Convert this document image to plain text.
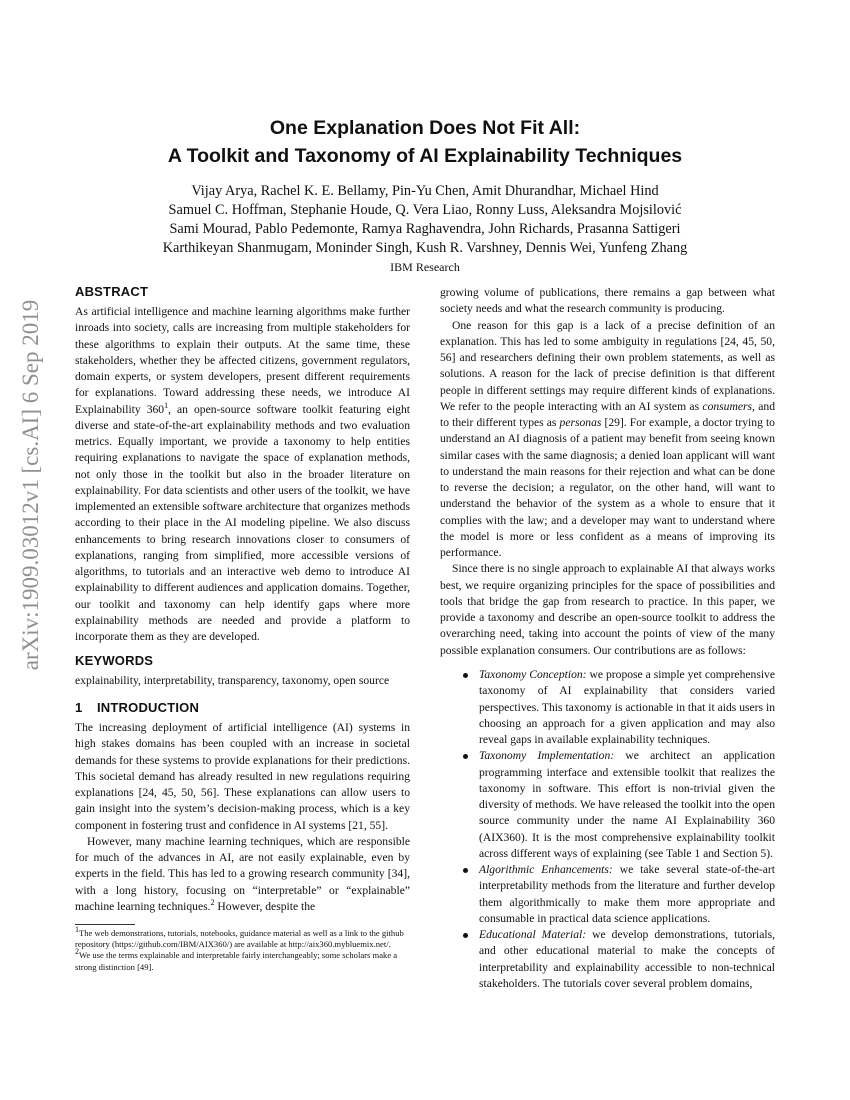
arXiv:1909.03012v1 [cs.AI] 6 Sep 2019
One Explanation Does Not Fit All:
A Toolkit and Taxonomy of AI Explainability Techniques
Vijay Arya, Rachel K. E. Bellamy, Pin-Yu Chen, Amit Dhurandhar, Michael Hind
Samuel C. Hoffman, Stephanie Houde, Q. Vera Liao, Ronny Luss, Aleksandra Mojsilović
Sami Mourad, Pablo Pedemonte, Ramya Raghavendra, John Richards, Prasanna Sattigeri
Karthikeyan Shanmugam, Moninder Singh, Kush R. Varshney, Dennis Wei, Yunfeng Zhang
IBM Research
ABSTRACT

As artificial intelligence and machine learning algorithms make further inroads into society, calls are increasing from multiple stakeholders for these algorithms to explain their outputs. At the same time, these stakeholders, whether they be affected citizens, government regulators, domain experts, or system developers, present different requirements for explanations. Toward addressing these needs, we introduce AI Explainability $360^1$, an open-source software toolkit featuring eight diverse and state-of-the-art explainability methods and two evaluation metrics. Equally important, we provide a taxonomy to help entities requiring explanations to navigate the space of explanation methods, not only those in the toolkit but also in the broader literature on explainability. For data scientists and other users of the toolkit, we have implemented an extensible software architecture that organizes methods according to their place in the AI modeling pipeline. We also discuss enhancements to bring research innovations closer to consumers of explanations, ranging from simplified, more accessible versions of algorithms, to tutorials and an interactive web demo to introduce AI explainability to different audiences and application domains. Together, our toolkit and taxonomy can help identify gaps where more explainability methods are needed and provide a platform to incorporate them as they are developed.

KEYWORDS

explainability, interpretability, transparency, taxonomy, open source

1 INTRODUCTION

The increasing deployment of artificial intelligence (AI) systems in high stakes domains has been coupled with an increase in societal demands for these systems to provide explanations for their predictions. This societal demand has already resulted in new regulations requiring explanations [24, 45, 50, 56]. These explanations can allow users to gain insight into the system’s decision-making process, which is a key component in fostering trust and confidence in AI systems [21, 55].

However, many machine learning techniques, which are responsible for much of the advances in AI, are not easily explainable, even by experts in the field. This has led to a growing research community [34], with a long history, focusing on “interpretable” or “explainable” machine learning techniques.$^2$ However, despite the

$^1$The web demonstrations, tutorials, notebooks, guidance material as well as a link to the github repository (https://github.com/IBM/AIX360/) are available at http://aix360.mybluemix.net/.
$^2$We use the terms explainable and interpretable fairly interchangeably; some scholars make a strong distinction [49].

growing volume of publications, there remains a gap between what society needs and what the research community is producing.

One reason for this gap is a lack of a precise definition of an explanation. This has led to some ambiguity in regulations [24, 45, 50, 56] and researchers defining their own problem statements, as well as solutions. A reason for the lack of precise definition is that different people in different settings may require different kinds of explanations. We refer to the people interacting with an AI system as consumers, and to their different types as personas [29]. For example, a doctor trying to understand an AI diagnosis of a patient may benefit from seeing known similar cases with the same diagnosis; a denied loan applicant will want to understand the main reasons for their rejection and what can be done to reverse the decision; a regulator, on the other hand, will want to understand the behavior of the system as a whole to ensure that it complies with the law; and a developer may want to understand where the model is more or less confident as a means of improving its performance.

Since there is no single approach to explainable AI that always works best, we require organizing principles for the space of possibilities and tools that bridge the gap from research to practice. In this paper, we provide a taxonomy and describe an open-source toolkit to address the overarching need, taking into account the points of view of the many possible explanation consumers. Our contributions are as follows:

Taxonomy Conception: we propose a simple yet comprehensive taxonomy of AI explainability that considers varied perspectives. This taxonomy is actionable in that it aids users in choosing an approach for a given application and may also reveal gaps in available explainability techniques.
Taxonomy Implementation: we architect an application programming interface and extensible toolkit that realizes the taxonomy in software. This effort is non-trivial given the diversity of methods. We have released the toolkit into the open source community under the name AI Explainability 360 (AIX360). It is the most comprehensive explainability toolkit across different ways of explaining (see Table 1 and Section 5).
Algorithmic Enhancements: we take several state-of-the-art interpretability methods from the literature and further develop them algorithmically to make them more appropriate and consumable in practical data science applications.
Educational Material: we develop demonstrations, tutorials, and other educational material to make the concepts of interpretability and explainability accessible to non-technical stakeholders. The tutorials cover several problem domains,
